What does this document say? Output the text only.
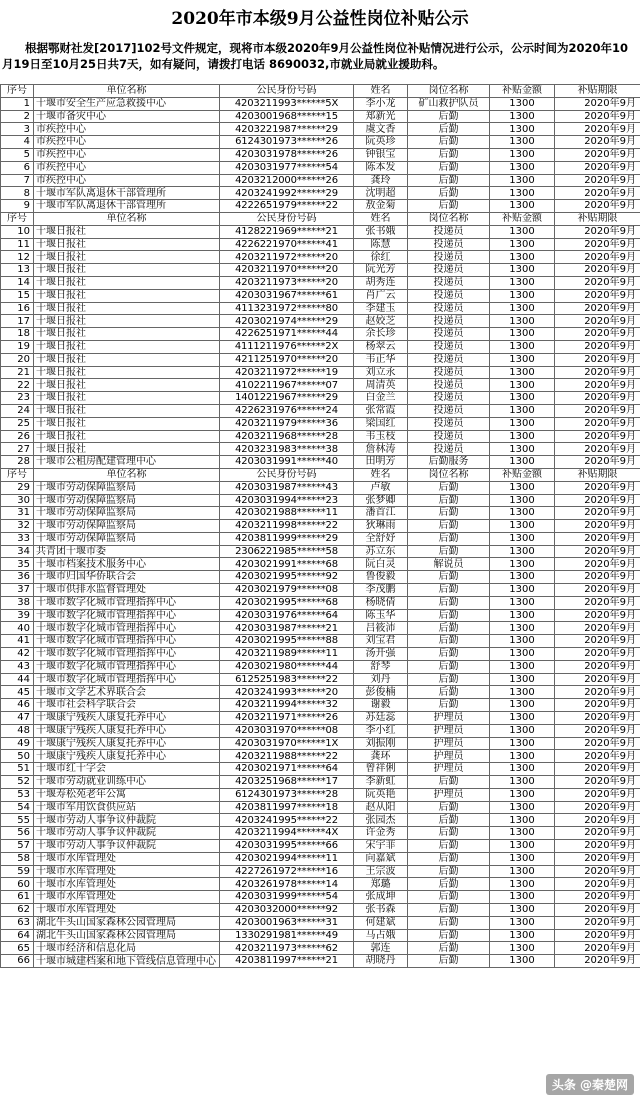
2020年市本级9月公益性岗位补贴公示
根据鄂财社发[2017]102号文件规定，现将市本级2020年9月公益性岗位补贴情况进行公示，公示时间为2020年10月19日至10月25日共7天，如有疑问，请拨打电话 8690032,市就业局就业援助科。
序号	单位名称	公民身份号码	姓名	岗位名称	补贴金额	补贴期限
1	十堰市安全生产应急救援中心	4203211993******5X	李小龙	矿山救护队员	1300	2020年9月
2	十堰市备灾中心	4203001968******15	郑新光	后勤	1300	2020年9月
3	市疾控中心	4203221987******29	虞文香	后勤	1300	2020年9月
4	市疾控中心	6124301973******26	阮英珍	后勤	1300	2020年9月
5	市疾控中心	4203031978******26	钟银宝	后勤	1300	2020年9月
6	市疾控中心	4203031977******54	陈本发	后勤	1300	2020年9月
7	市疾控中心	4203212000******26	龚玲	后勤	1300	2020年9月
8	十堰市军队离退休干部管理所	4203241992******29	沈明超	后勤	1300	2020年9月
9	十堰市军队离退休干部管理所	4222651979******22	敖金菊	后勤	1300	2020年9月
序号	单位名称	公民身份号码	姓名	岗位名称	补贴金额	补贴期限
10	十堰日报社	4128221969******21	张书娥	投递员	1300	2020年9月
11	十堰日报社	4226221970******41	陈慧	投递员	1300	2020年9月
12	十堰日报社	4203211972******20	徐红	投递员	1300	2020年9月
13	十堰日报社	4203211970******20	阮光芳	投递员	1300	2020年9月
14	十堰日报社	4203211973******20	胡秀连	投递员	1300	2020年9月
15	十堰日报社	4203031967******61	肖广云	投递员	1300	2020年9月
16	十堰日报社	4113231972******80	李建玉	投递员	1300	2020年9月
17	十堰日报社	4203021974******29	赵姣芝	投递员	1300	2020年9月
18	十堰日报社	4226251971******44	余长珍	投递员	1300	2020年9月
19	十堰日报社	4111211976******2X	杨翠云	投递员	1300	2020年9月
20	十堰日报社	4211251970******20	韦正华	投递员	1300	2020年9月
21	十堰日报社	4203211972******19	刘立永	投递员	1300	2020年9月
22	十堰日报社	4102211967******07	周清英	投递员	1300	2020年9月
23	十堰日报社	1401221967******29	白金兰	投递员	1300	2020年9月
24	十堰日报社	4226231976******24	张常霞	投递员	1300	2020年9月
25	十堰日报社	4203211979******36	梁国红	投递员	1300	2020年9月
26	十堰日报社	4203211968******28	韦玉枝	投递员	1300	2020年9月
27	十堰日报社	4203231983******38	詹林涛	投递员	1300	2020年9月
28	十堰市公租房配建管理中心	4203031991******40	田明芳	后勤服务	1300	2020年9月
序号	单位名称	公民身份号码	姓名	岗位名称	补贴金额	补贴期限
29	十堰市劳动保障监察局	4203031987******43	卢敏	后勤	1300	2020年9月
30	十堰市劳动保障监察局	4203031994******23	张梦卿	后勤	1300	2020年9月
31	十堰市劳动保障监察局	4203021988******11	潘首江	后勤	1300	2020年9月
32	十堰市劳动保障监察局	4203211998******22	狄琳雨	后勤	1300	2020年9月
33	十堰市劳动保障监察局	4203811999******29	全舒妤	后勤	1300	2020年9月
34	共青团十堰市委	2306221985******58	苏立东	后勤	1300	2020年9月
35	十堰市档案技术服务中心	4203021991******68	阮白灵	解说员	1300	2020年9月
36	十堰市归国华侨联合会	4203021995******92	鲁俊毅	后勤	1300	2020年9月
37	十堰市供排水监督管理处	4203021979******08	李茂鹏	后勤	1300	2020年9月
38	十堰市数字化城市管理指挥中心	4203021995******68	杨晓倩	后勤	1300	2020年9月
39	十堰市数字化城市管理指挥中心	4203031976******64	陈玉华	后勤	1300	2020年9月
40	十堰市数字化城市管理指挥中心	4203031987******21	吕筱沛	后勤	1300	2020年9月
41	十堰市数字化城市管理指挥中心	4203021995******88	刘宝君	后勤	1300	2020年9月
42	十堰市数字化城市管理指挥中心	4203211989******11	汤开强	后勤	1300	2020年9月
43	十堰市数字化城市管理指挥中心	4203021980******44	舒琴	后勤	1300	2020年9月
44	十堰市数字化城市管理指挥中心	6125251983******22	刘丹	后勤	1300	2020年9月
45	十堰市文学艺术界联合会	4203241993******20	彭俊楠	后勤	1300	2020年9月
46	十堰市社会科学联合会	4203211994******32	谢毅	后勤	1300	2020年9月
47	十堰康宁残疾人康复托养中心	4203211971******26	苏廷蕊	护理员	1300	2020年9月
48	十堰康宁残疾人康复托养中心	4203031970******08	李小红	护理员	1300	2020年9月
49	十堰康宁残疾人康复托养中心	4203031970******1X	刘振刚	护理员	1300	2020年9月
50	十堰康宁残疾人康复托养中心	4203211988******22	龚环	护理员	1300	2020年9月
51	十堰市红十字会	4203021971******64	曾祥俐	护理员	1300	2020年9月
52	十堰市劳动就业训练中心	4203251968******17	李新虹	后勤	1300	2020年9月
53	十堰寿松苑老年公寓	6124301973******28	阮英艳	护理员	1300	2020年9月
54	十堰市军用饮食供应站	4203811997******18	赵从阳	后勤	1300	2020年9月
55	十堰市劳动人事争议仲裁院	4203241995******22	张园杰	后勤	1300	2020年9月
56	十堰市劳动人事争议仲裁院	4203211994******4X	许金秀	后勤	1300	2020年9月
57	十堰市劳动人事争议仲裁院	4203031995******66	宋宇菲	后勤	1300	2020年9月
58	十堰市水库管理处	4203021994******11	向嘉斌	后勤	1300	2020年9月
59	十堰市水库管理处	4227261972******16	王宗波	后勤	1300	2020年9月
60	十堰市水库管理处	4203261978******14	郑璐	后勤	1300	2020年9月
61	十堰市水库管理处	4203031999******54	张成坤	后勤	1300	2020年9月
62	十堰市水库管理处	4203032000******92	张书森	后勤	1300	2020年9月
63	湖北牛头山国家森林公园管理局	4203001963******31	何建斌	后勤	1300	2020年9月
64	湖北牛头山国家森林公园管理局	1330291981******49	马占娥	后勤	1300	2020年9月
65	十堰市经济和信息化局	4203211973******62	郭连	后勤	1300	2020年9月
66	十堰市城建档案和地下管线信息管理中心	4203811997******21	胡晓丹	后勤	1300	2020年9月
头条 @秦楚网
